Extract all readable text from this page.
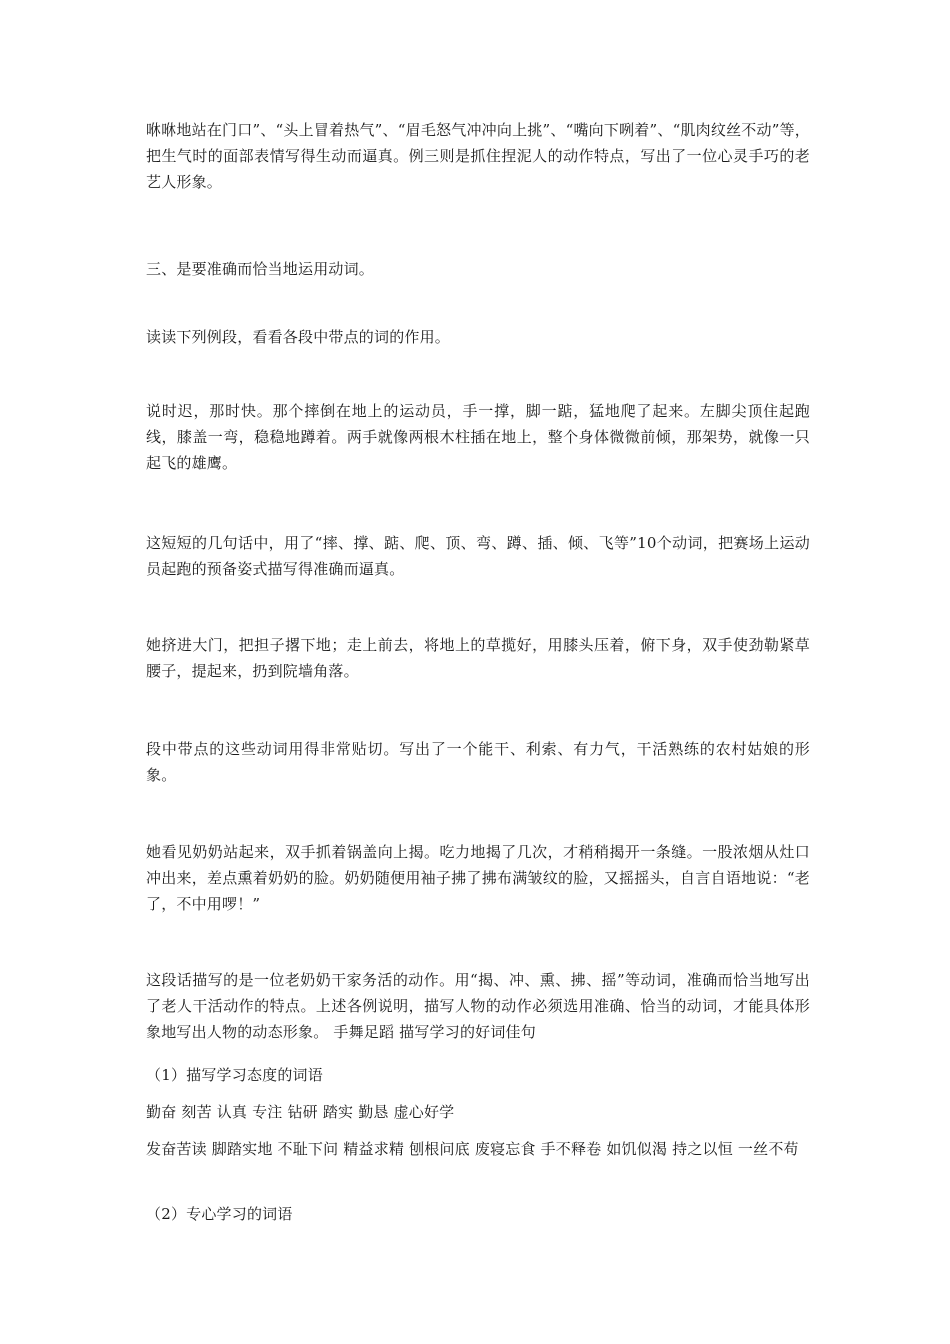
咻咻地站在门口”、“头上冒着热气”、“眉毛怒气冲冲向上挑”、“嘴向下咧着”、“肌肉纹丝不动”等，把生气时的面部表情写得生动而逼真。例三则是抓住捏泥人的动作特点，写出了一位心灵手巧的老艺人形象。

三、是要准确而恰当地运用动词。

读读下列例段，看看各段中带点的词的作用。

说时迟，那时快。那个摔倒在地上的运动员，手一撑，脚一踮，猛地爬了起来。左脚尖顶住起跑线，膝盖一弯，稳稳地蹲着。两手就像两根木柱插在地上，整个身体微微前倾，那架势，就像一只起飞的雄鹰。

这短短的几句话中，用了“摔、撑、踮、爬、顶、弯、蹲、插、倾、飞等”10个动词，把赛场上运动员起跑的预备姿式描写得准确而逼真。

她挤进大门，把担子撂下地；走上前去，将地上的草揽好，用膝头压着，俯下身，双手使劲勒紧草腰子，提起来，扔到院墙角落。

段中带点的这些动词用得非常贴切。写出了一个能干、利索、有力气，干活熟练的农村姑娘的形象。

她看见奶奶站起来，双手抓着锅盖向上揭。吃力地揭了几次，才稍稍揭开一条缝。一股浓烟从灶口冲出来，差点熏着奶奶的脸。奶奶随便用袖子拂了拂布满皱纹的脸，又摇摇头，自言自语地说：“老了，不中用啰！”

这段话描写的是一位老奶奶干家务活的动作。用“揭、冲、熏、拂、摇”等动词，准确而恰当地写出了老人干活动作的特点。上述各例说明，描写人物的动作必须选用准确、恰当的动词，才能具体形象地写出人物的动态形象。 手舞足蹈 描写学习的好词佳句

（1）描写学习态度的词语

勤奋 刻苦 认真 专注 钻研 踏实 勤恳 虚心好学

发奋苦读 脚踏实地 不耻下问 精益求精 刨根问底 废寝忘食 手不释卷 如饥似渴 持之以恒 一丝不苟

（2）专心学习的词语
